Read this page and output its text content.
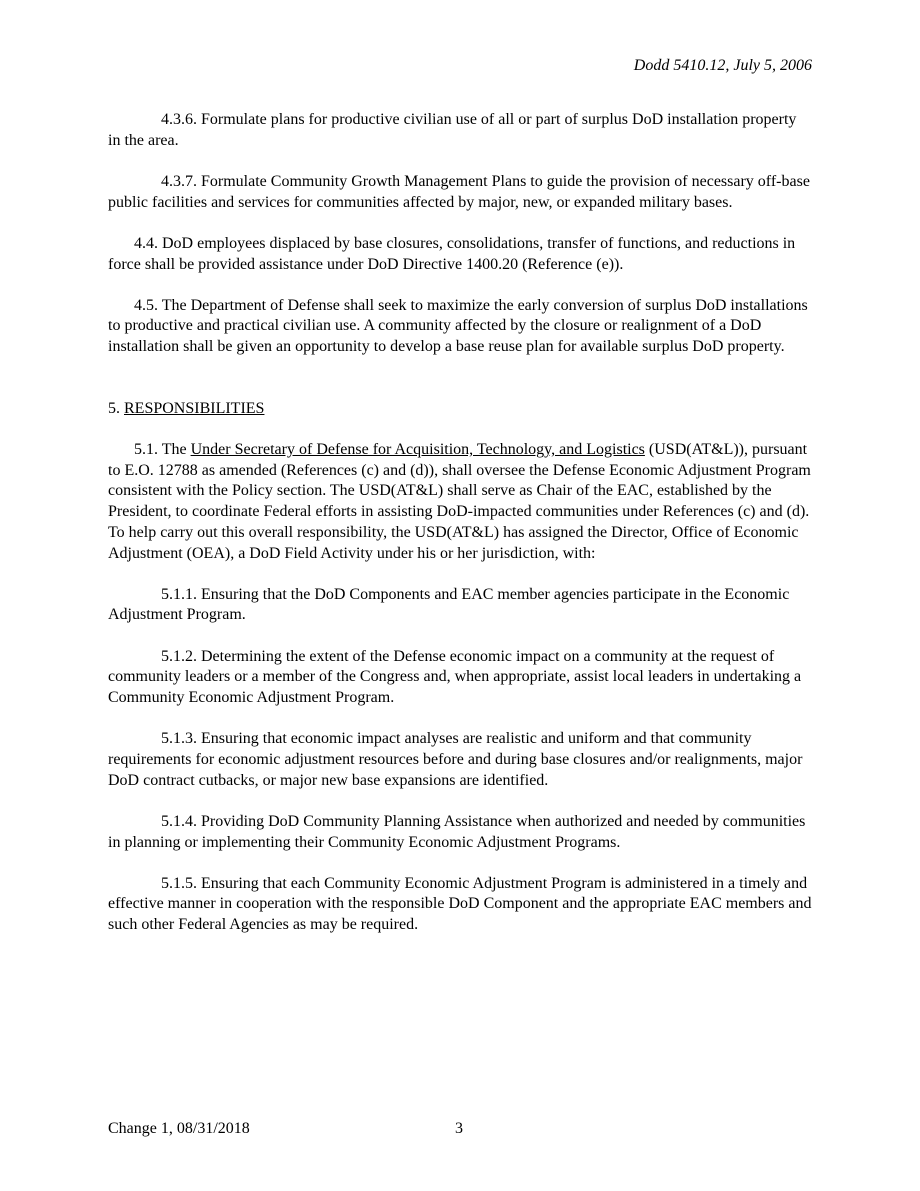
Dodd 5410.12, July 5, 2006

4.3.6. Formulate plans for productive civilian use of all or part of surplus DoD installation property in the area.

4.3.7. Formulate Community Growth Management Plans to guide the provision of necessary off-base public facilities and services for communities affected by major, new, or expanded military bases.

4.4. DoD employees displaced by base closures, consolidations, transfer of functions, and reductions in force shall be provided assistance under DoD Directive 1400.20 (Reference (e)).

4.5. The Department of Defense shall seek to maximize the early conversion of surplus DoD installations to productive and practical civilian use. A community affected by the closure or realignment of a DoD installation shall be given an opportunity to develop a base reuse plan for available surplus DoD property.

5. RESPONSIBILITIES

5.1. The Under Secretary of Defense for Acquisition, Technology, and Logistics (USD(AT&L)), pursuant to E.O. 12788 as amended (References (c) and (d)), shall oversee the Defense Economic Adjustment Program consistent with the Policy section. The USD(AT&L) shall serve as Chair of the EAC, established by the President, to coordinate Federal efforts in assisting DoD-impacted communities under References (c) and (d). To help carry out this overall responsibility, the USD(AT&L) has assigned the Director, Office of Economic Adjustment (OEA), a DoD Field Activity under his or her jurisdiction, with:

5.1.1. Ensuring that the DoD Components and EAC member agencies participate in the Economic Adjustment Program.

5.1.2. Determining the extent of the Defense economic impact on a community at the request of community leaders or a member of the Congress and, when appropriate, assist local leaders in undertaking a Community Economic Adjustment Program.

5.1.3. Ensuring that economic impact analyses are realistic and uniform and that community requirements for economic adjustment resources before and during base closures and/or realignments, major DoD contract cutbacks, or major new base expansions are identified.

5.1.4. Providing DoD Community Planning Assistance when authorized and needed by communities in planning or implementing their Community Economic Adjustment Programs.

5.1.5. Ensuring that each Community Economic Adjustment Program is administered in a timely and effective manner in cooperation with the responsible DoD Component and the appropriate EAC members and such other Federal Agencies as may be required.

Change 1, 08/31/2018	3
